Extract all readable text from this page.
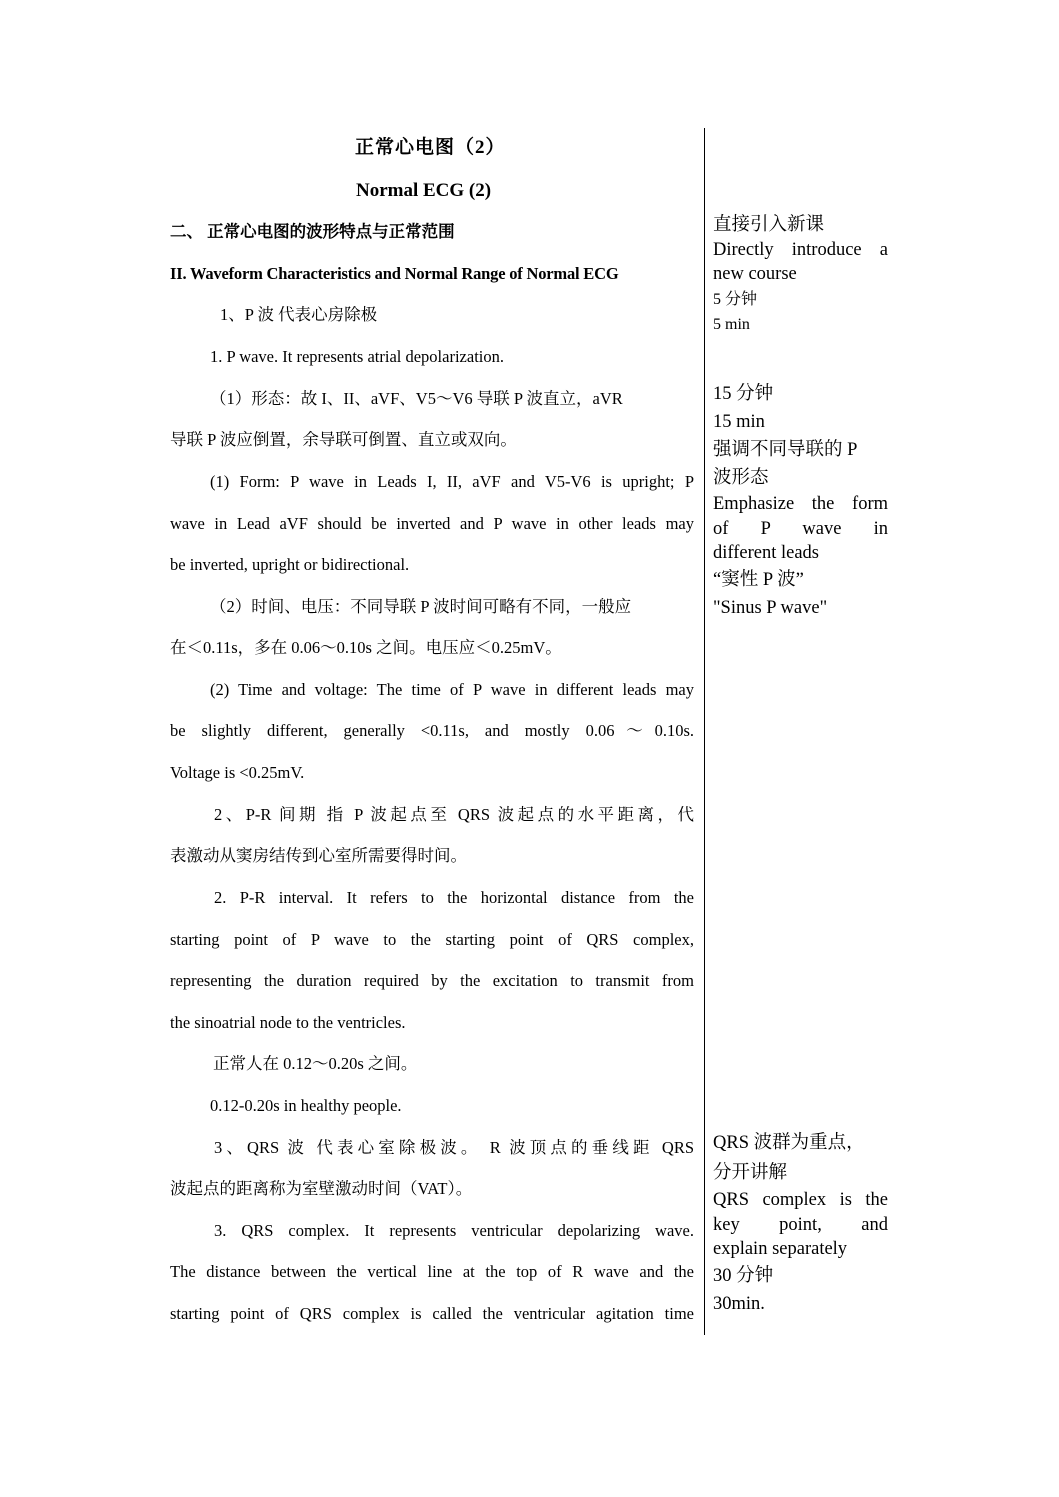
正常心电图（2）
Normal ECG (2)
二、 正常心电图的波形特点与正常范围
II. Waveform Characteristics and Normal Range of Normal ECG
1、P 波 代表心房除极
1. P wave. It represents atrial depolarization.
（1）形态：故 I、II、aVF、V5～V6 导联 P 波直立，aVR
导联 P 波应倒置，余导联可倒置、直立或双向。
(1) Form: P wave in Leads I, II, aVF and V5-V6 is upright; P
wave in Lead aVF should be inverted and P wave in other leads may
be inverted, upright or bidirectional.
（2）时间、电压：不同导联 P 波时间可略有不同，一般应
在＜0.11s，多在 0.06～0.10s 之间。电压应＜0.25mV。
(2) Time and voltage: The time of P wave in different leads may
be slightly different, generally <0.11s, and mostly 0.06～0.10s.
Voltage is <0.25mV.
2、P-R 间期 指 P 波起点至 QRS 波起点的水平距离，代
表激动从窦房结传到心室所需要得时间。
2. P-R interval. It refers to the horizontal distance from the
starting point of P wave to the starting point of QRS complex,
representing the duration required by the excitation to transmit from
the sinoatrial node to the ventricles.
正常人在 0.12～0.20s 之间。
0.12-0.20s in healthy people.
3、QRS 波 代表心室除极波。 R 波顶点的垂线距 QRS
波起点的距离称为室壁激动时间（VAT）。
3. QRS complex. It represents ventricular depolarizing wave.
The distance between the vertical line at the top of R wave and the
starting point of QRS complex is called the ventricular agitation time
直接引入新课
Directly introduce a
new course
5 分钟
5 min
15 分钟
15 min
强调不同导联的 P
波形态
Emphasize the form
of P wave in
different leads
“窦性 P 波”
"Sinus P wave"
QRS 波群为重点，
分开讲解
QRS complex is the
key point, and
explain separately
30 分钟
30min.
